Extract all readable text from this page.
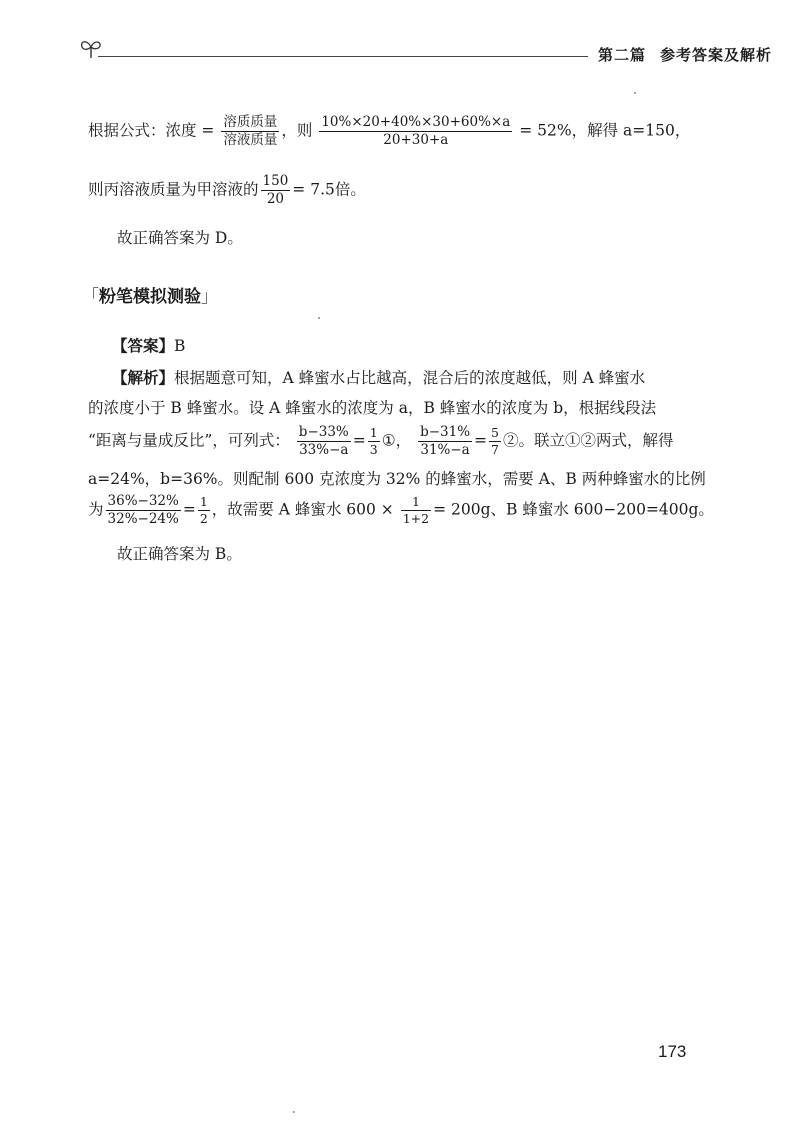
第二篇 参考答案及解析
根据公式：浓度 = $\frac{\text{溶质质量}}{\text{溶液质量}}$ ，则 $\frac{10\%\times 20+40\%\times 30+60\%\times a}{20+30+a} = 52\%$，解得 a=150，
则丙溶液质量为甲溶液的 $\frac{150}{20} = 7.5$倍。
故正确答案为 D。
「粉笔模拟测验」
【答案】B
【解析】根据题意可知，A 蜂蜜水占比越高，混合后的浓度越低，则 A 蜂蜜水
的浓度小于 B 蜂蜜水。设 A 蜂蜜水的浓度为 a，B 蜂蜜水的浓度为 b，根据线段法
“距离与量成反比”，可列式： $\frac{b-33\%}{33\%-a} = \frac{1}{3}$ ①， $\frac{b-31\%}{31\%-a} = \frac{5}{7}$ ②。联立①②两式，解得
a=24%，b=36%。则配制 600 克浓度为 32% 的蜂蜜水，需要 A、B 两种蜂蜜水的比例
为 $\frac{36\%-32\%}{32\%-24\%} = \frac{1}{2}$ ，故需要 A 蜂蜜水 $600 \times \frac{1}{1+2} = 200g$、B 蜂蜜水 600−200=400g。
故正确答案为 B。
173
